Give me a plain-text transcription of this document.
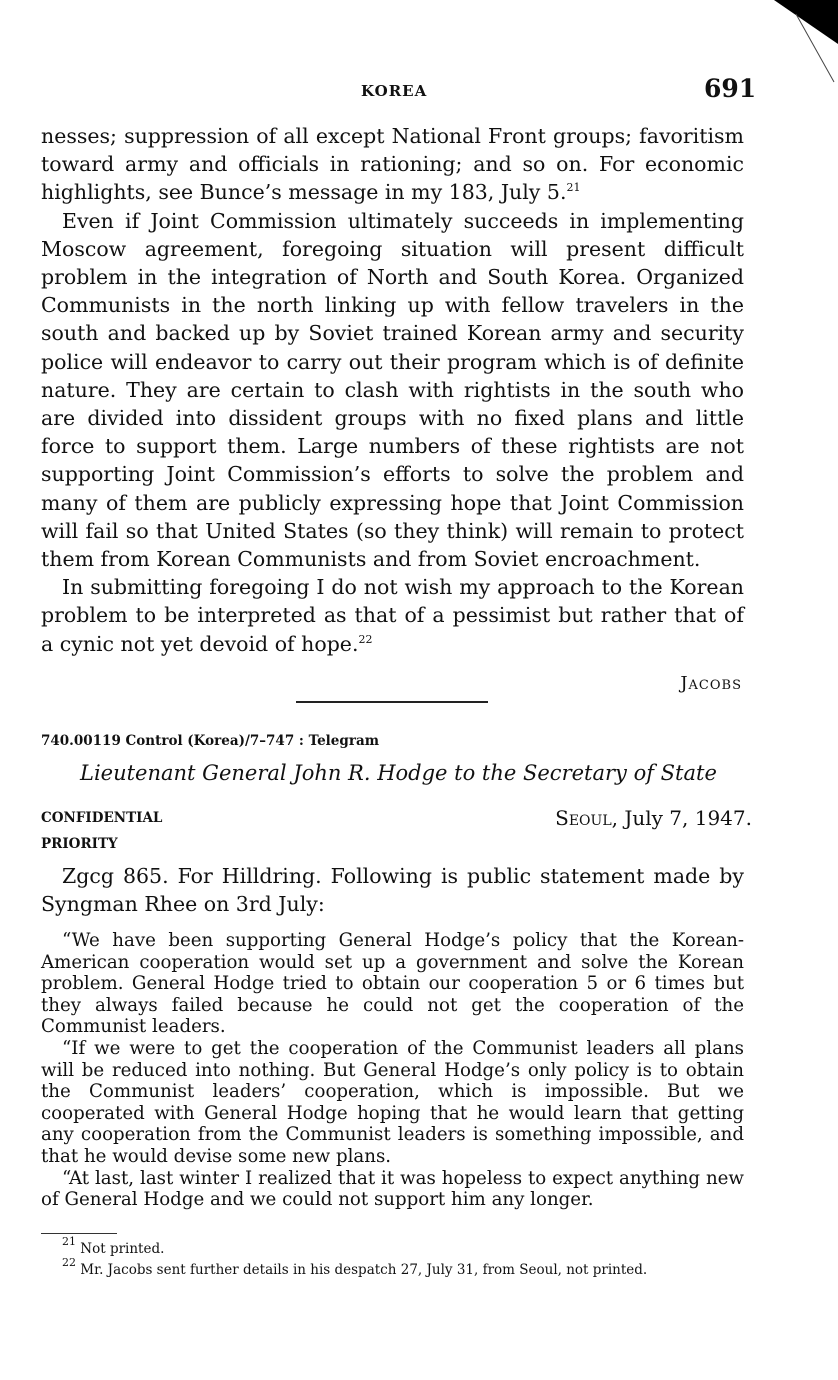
KOREA	691

nesses; suppression of all except National Front groups; favoritism toward army and officials in rationing; and so on. For economic highlights, see Bunce’s message in my 183, July 5.21

Even if Joint Commission ultimately succeeds in implementing Moscow agreement, foregoing situation will present difficult problem in the integration of North and South Korea. Organized Communists in the north linking up with fellow travelers in the south and backed up by Soviet trained Korean army and security police will endeavor to carry out their program which is of definite nature. They are certain to clash with rightists in the south who are divided into dissident groups with no fixed plans and little force to support them. Large numbers of these rightists are not supporting Joint Commission’s efforts to solve the problem and many of them are publicly expressing hope that Joint Commission will fail so that United States (so they think) will remain to protect them from Korean Communists and from Soviet encroachment.

In submitting foregoing I do not wish my approach to the Korean problem to be interpreted as that of a pessimist but rather that of a cynic not yet devoid of hope.$^{22}$

Jacobs
740.00119 Control (Korea)/7–747 : Telegram
Lieutenant General John R. Hodge to the Secretary of State
CONFIDENTIAL
PRIORITY
Seoul, July 7, 1947.

Zgcg 865. For Hilldring. Following is public statement made by Syngman Rhee on 3rd July:

“We have been supporting General Hodge’s policy that the Korean-American cooperation would set up a government and solve the Korean problem. General Hodge tried to obtain our cooperation 5 or 6 times but they always failed because he could not get the cooperation of the Communist leaders.

“If we were to get the cooperation of the Communist leaders all plans will be reduced into nothing. But General Hodge’s only policy is to obtain the Communist leaders’ cooperation, which is impossible. But we cooperated with General Hodge hoping that he would learn that getting any cooperation from the Communist leaders is something impossible, and that he would devise some new plans.

“At last, last winter I realized that it was hopeless to expect anything new of General Hodge and we could not support him any longer.

$^{21}$ Not printed.

$^{22}$ Mr. Jacobs sent further details in his despatch 27, July 31, from Seoul, not printed.
